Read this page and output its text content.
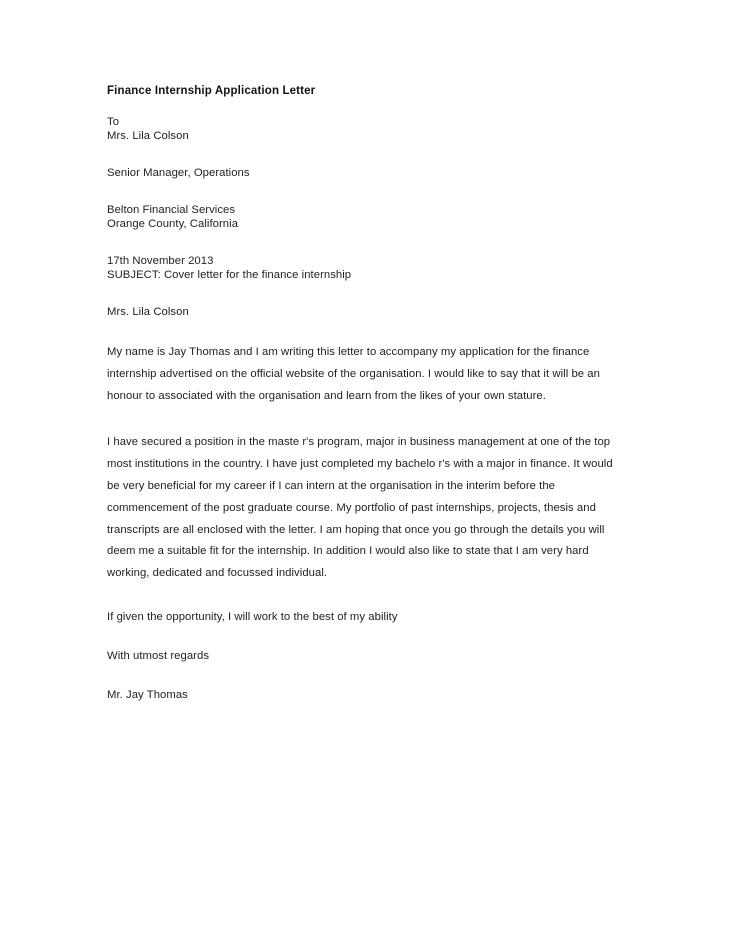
Finance Internship Application Letter

To

Mrs. Lila Colson

Senior Manager, Operations

Belton Financial Services

Orange County, California

17th November 2013

SUBJECT: Cover letter for the finance internship

Mrs. Lila Colson

My name is Jay Thomas and I am writing this letter to accompany my application for the finance internship advertised on the official website of the organisation. I would like to say that it will be an honour to associated with the organisation and learn from the likes of your own stature.

I have secured a position in the maste r's program, major in business management at one of the top most institutions in the country. I have just completed my bachelo r's with a major in finance. It would be very beneficial for my career if I can intern at the organisation in the interim before the commencement of the post graduate course. My portfolio of past internships, projects, thesis and transcripts are all enclosed with the letter. I am hoping that once you go through the details you will deem me a suitable fit for the internship. In addition I would also like to state that I am very hard working, dedicated and focussed individual.

If given the opportunity, I will work to the best of my ability

With utmost regards

Mr. Jay Thomas
